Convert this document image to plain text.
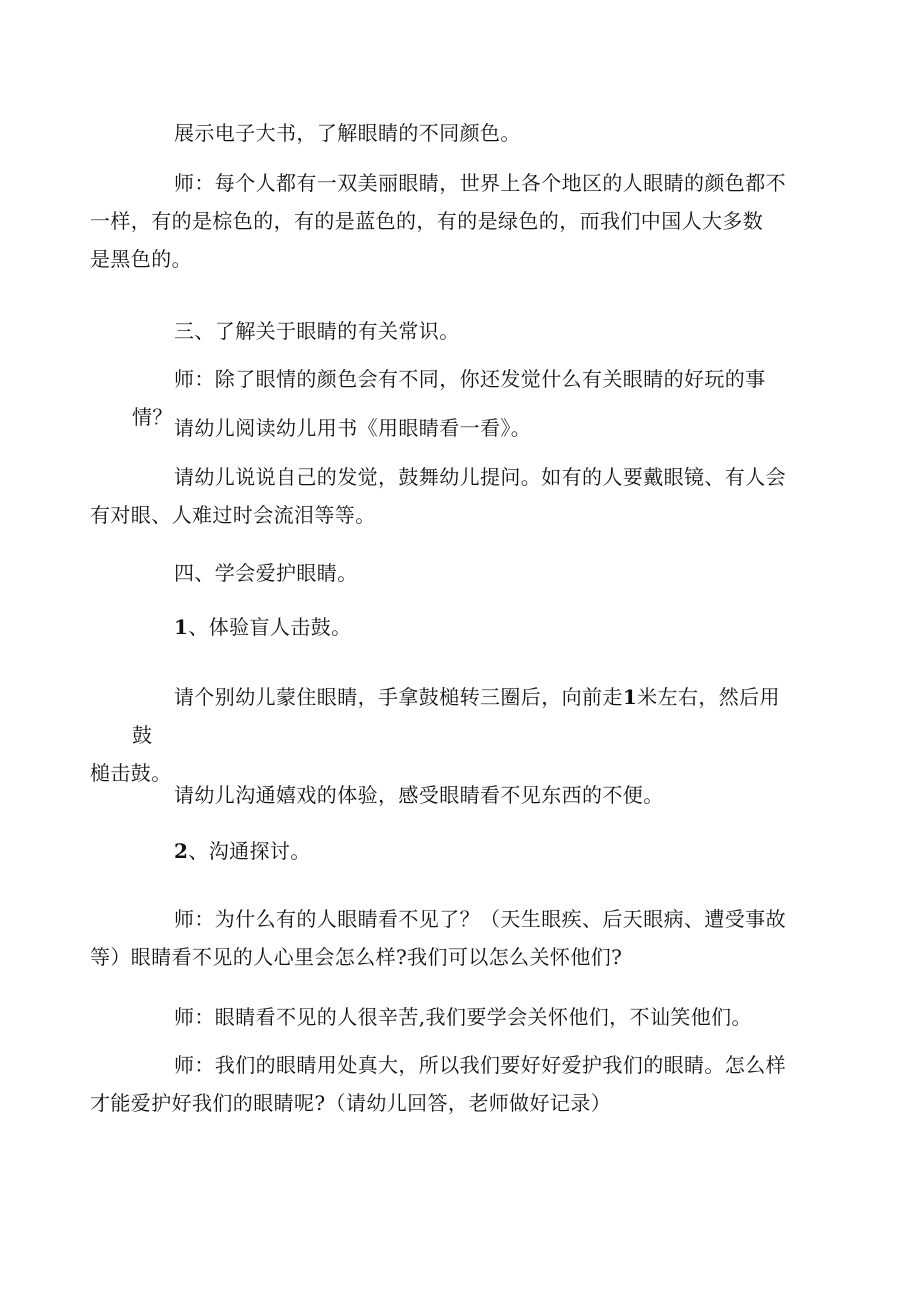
展示电子大书，了解眼睛的不同颜色。

师：每个人都有一双美丽眼睛，世界上各个地区的人眼睛的颜色都不
一样，有的是棕色的，有的是蓝色的，有的是绿色的，而我们中国人大多数
是黑色的。

三、了解关于眼睛的有关常识。

师：除了眼情的颜色会有不同，你还发觉什么有关眼睛的好玩的事情？ 请幼儿阅读幼儿用书《用眼睛看一看》。

请幼儿说说自己的发觉，鼓舞幼儿提问。如有的人要戴眼镜、有人会
有对眼、人难过时会流泪等等。

四、学会爱护眼睛。

1、体验盲人击鼓。

请个别幼儿蒙住眼睛，手拿鼓槌转三圈后，向前走1米左右，然后用鼓
槌击鼓。

请幼儿沟通嬉戏的体验，感受眼睛看不见东西的不便。

2、沟通探讨。

师：为什么有的人眼睛看不见了？（天生眼疾、后天眼病、遭受事故
等）眼睛看不见的人心里会怎么样?我们可以怎么关怀他们?

师：眼睛看不见的人很辛苦,我们要学会关怀他们，不讪笑他们。

师：我们的眼睛用处真大，所以我们要好好爱护我们的眼睛。怎么样
才能爱护好我们的眼睛呢?（请幼儿回答，老师做好记录）
